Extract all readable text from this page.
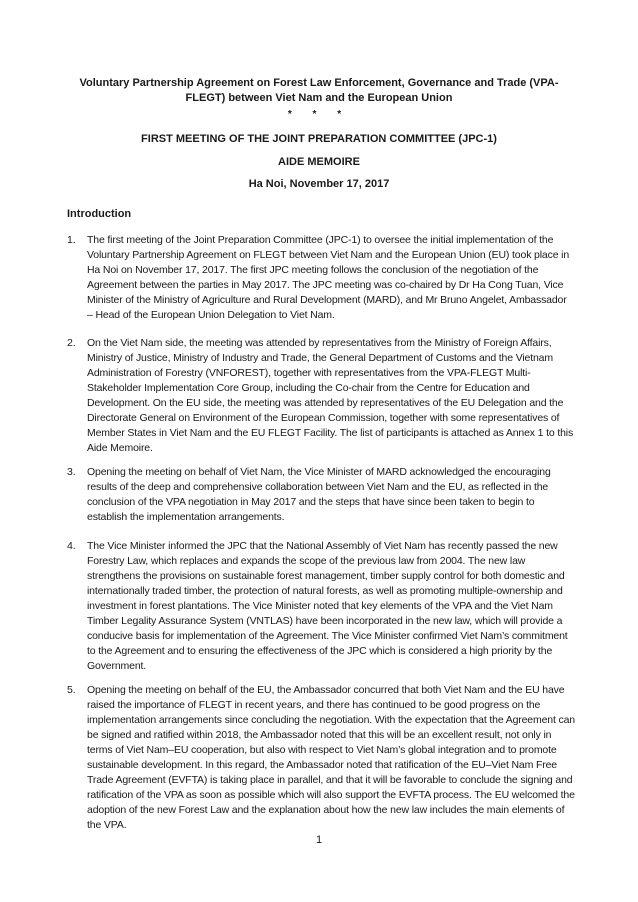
Voluntary Partnership Agreement on Forest Law Enforcement, Governance and Trade (VPA-FLEGT) between Viet Nam and the European Union
* * *
FIRST MEETING OF THE JOINT PREPARATION COMMITTEE (JPC-1)
AIDE MEMOIRE
Ha Noi, November 17, 2017
Introduction
1. The first meeting of the Joint Preparation Committee (JPC-1) to oversee the initial implementation of the Voluntary Partnership Agreement on FLEGT between Viet Nam and the European Union (EU) took place in Ha Noi on November 17, 2017. The first JPC meeting follows the conclusion of the negotiation of the Agreement between the parties in May 2017. The JPC meeting was co-chaired by Dr Ha Cong Tuan, Vice Minister of the Ministry of Agriculture and Rural Development (MARD), and Mr Bruno Angelet, Ambassador – Head of the European Union Delegation to Viet Nam.
2. On the Viet Nam side, the meeting was attended by representatives from the Ministry of Foreign Affairs, Ministry of Justice, Ministry of Industry and Trade, the General Department of Customs and the Vietnam Administration of Forestry (VNFOREST), together with representatives from the VPA-FLEGT Multi-Stakeholder Implementation Core Group, including the Co-chair from the Centre for Education and Development. On the EU side, the meeting was attended by representatives of the EU Delegation and the Directorate General on Environment of the European Commission, together with some representatives of Member States in Viet Nam and the EU FLEGT Facility. The list of participants is attached as Annex 1 to this Aide Memoire.
3. Opening the meeting on behalf of Viet Nam, the Vice Minister of MARD acknowledged the encouraging results of the deep and comprehensive collaboration between Viet Nam and the EU, as reflected in the conclusion of the VPA negotiation in May 2017 and the steps that have since been taken to begin to establish the implementation arrangements.
4. The Vice Minister informed the JPC that the National Assembly of Viet Nam has recently passed the new Forestry Law, which replaces and expands the scope of the previous law from 2004. The new law strengthens the provisions on sustainable forest management, timber supply control for both domestic and internationally traded timber, the protection of natural forests, as well as promoting multiple-ownership and investment in forest plantations. The Vice Minister noted that key elements of the VPA and the Viet Nam Timber Legality Assurance System (VNTLAS) have been incorporated in the new law, which will provide a conducive basis for implementation of the Agreement. The Vice Minister confirmed Viet Nam’s commitment to the Agreement and to ensuring the effectiveness of the JPC which is considered a high priority by the Government.
5. Opening the meeting on behalf of the EU, the Ambassador concurred that both Viet Nam and the EU have raised the importance of FLEGT in recent years, and there has continued to be good progress on the implementation arrangements since concluding the negotiation. With the expectation that the Agreement can be signed and ratified within 2018, the Ambassador noted that this will be an excellent result, not only in terms of Viet Nam–EU cooperation, but also with respect to Viet Nam’s global integration and to promote sustainable development. In this regard, the Ambassador noted that ratification of the EU–Viet Nam Free Trade Agreement (EVFTA) is taking place in parallel, and that it will be favorable to conclude the signing and ratification of the VPA as soon as possible which will also support the EVFTA process. The EU welcomed the adoption of the new Forest Law and the explanation about how the new law includes the main elements of the VPA.
1
